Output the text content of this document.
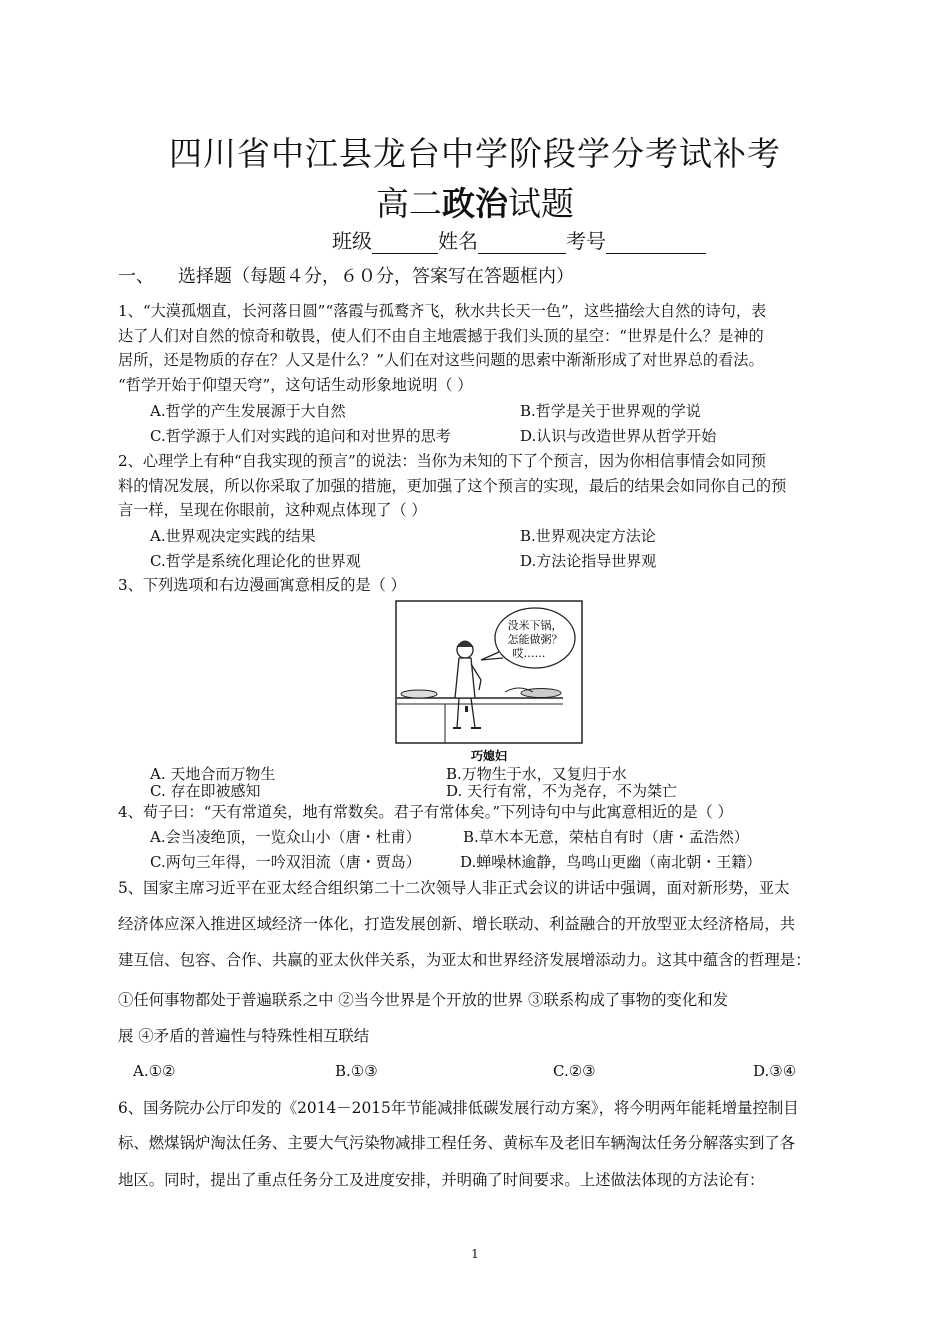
四川省中江县龙台中学阶段学分考试补考
高二政治试题
班级	姓名	考号
一、 选择题（每题４分，６０分，答案写在答题框内）
1、“大漠孤烟直，长河落日圆”“落霞与孤鹜齐飞，秋水共长天一色”，这些描绘大自然的诗句，表
达了人们对自然的惊奇和敬畏，使人们不由自主地震撼于我们头顶的星空：“世界是什么？是神的
居所，还是物质的存在？人又是什么？”人们在对这些问题的思索中渐渐形成了对世界总的看法。
“哲学开始于仰望天穹”，这句话生动形象地说明（ ）
A.哲学的产生发展源于大自然	B.哲学是关于世界观的学说
C.哲学源于人们对实践的追问和对世界的思考	D.认识与改造世界从哲学开始
2、心理学上有种“自我实现的预言”的说法：当你为未知的下了个预言，因为你相信事情会如同预
料的情况发展，所以你采取了加强的措施，更加强了这个预言的实现，最后的结果会如同你自己的预
言一样，呈现在你眼前，这种观点体现了（ ）
A.世界观决定实践的结果	B.世界观决定方法论
C.哲学是系统化理论化的世界观	D.方法论指导世界观
3、下列选项和右边漫画寓意相反的是（ ）
没米下锅，
怎能做粥？
哎……
巧媳妇
A. 天地合而万物生	B.万物生于水，又复归于水
C. 存在即被感知	D. 天行有常，不为尧存，不为桀亡
4、荀子曰：“天有常道矣，地有常数矣。君子有常体矣。”下列诗句中与此寓意相近的是（ ）
A.会当凌绝顶，一览众山小（唐・杜甫）	B.草木本无意，荣枯自有时（唐・孟浩然）
C.两句三年得，一吟双泪流（唐・贾岛）	D.蝉噪林逾静，鸟鸣山更幽（南北朝・王籍）
5、国家主席习近平在亚太经合组织第二十二次领导人非正式会议的讲话中强调，面对新形势，亚太
经济体应深入推进区域经济一体化，打造发展创新、增长联动、利益融合的开放型亚太经济格局，共
建互信、包容、合作、共赢的亚太伙伴关系，为亚太和世界经济发展增添动力。这其中蕴含的哲理是：
①任何事物都处于普遍联系之中 ②当今世界是个开放的世界 ③联系构成了事物的变化和发
展 ④矛盾的普遍性与特殊性相互联结
A.①②	B.①③	C.②③	D.③④
6、国务院办公厅印发的《2014－2015年节能减排低碳发展行动方案》，将今明两年能耗增量控制目
标、燃煤锅炉淘汰任务、主要大气污染物减排工程任务、黄标车及老旧车辆淘汰任务分解落实到了各
地区。同时，提出了重点任务分工及进度安排，并明确了时间要求。上述做法体现的方法论有：
1
